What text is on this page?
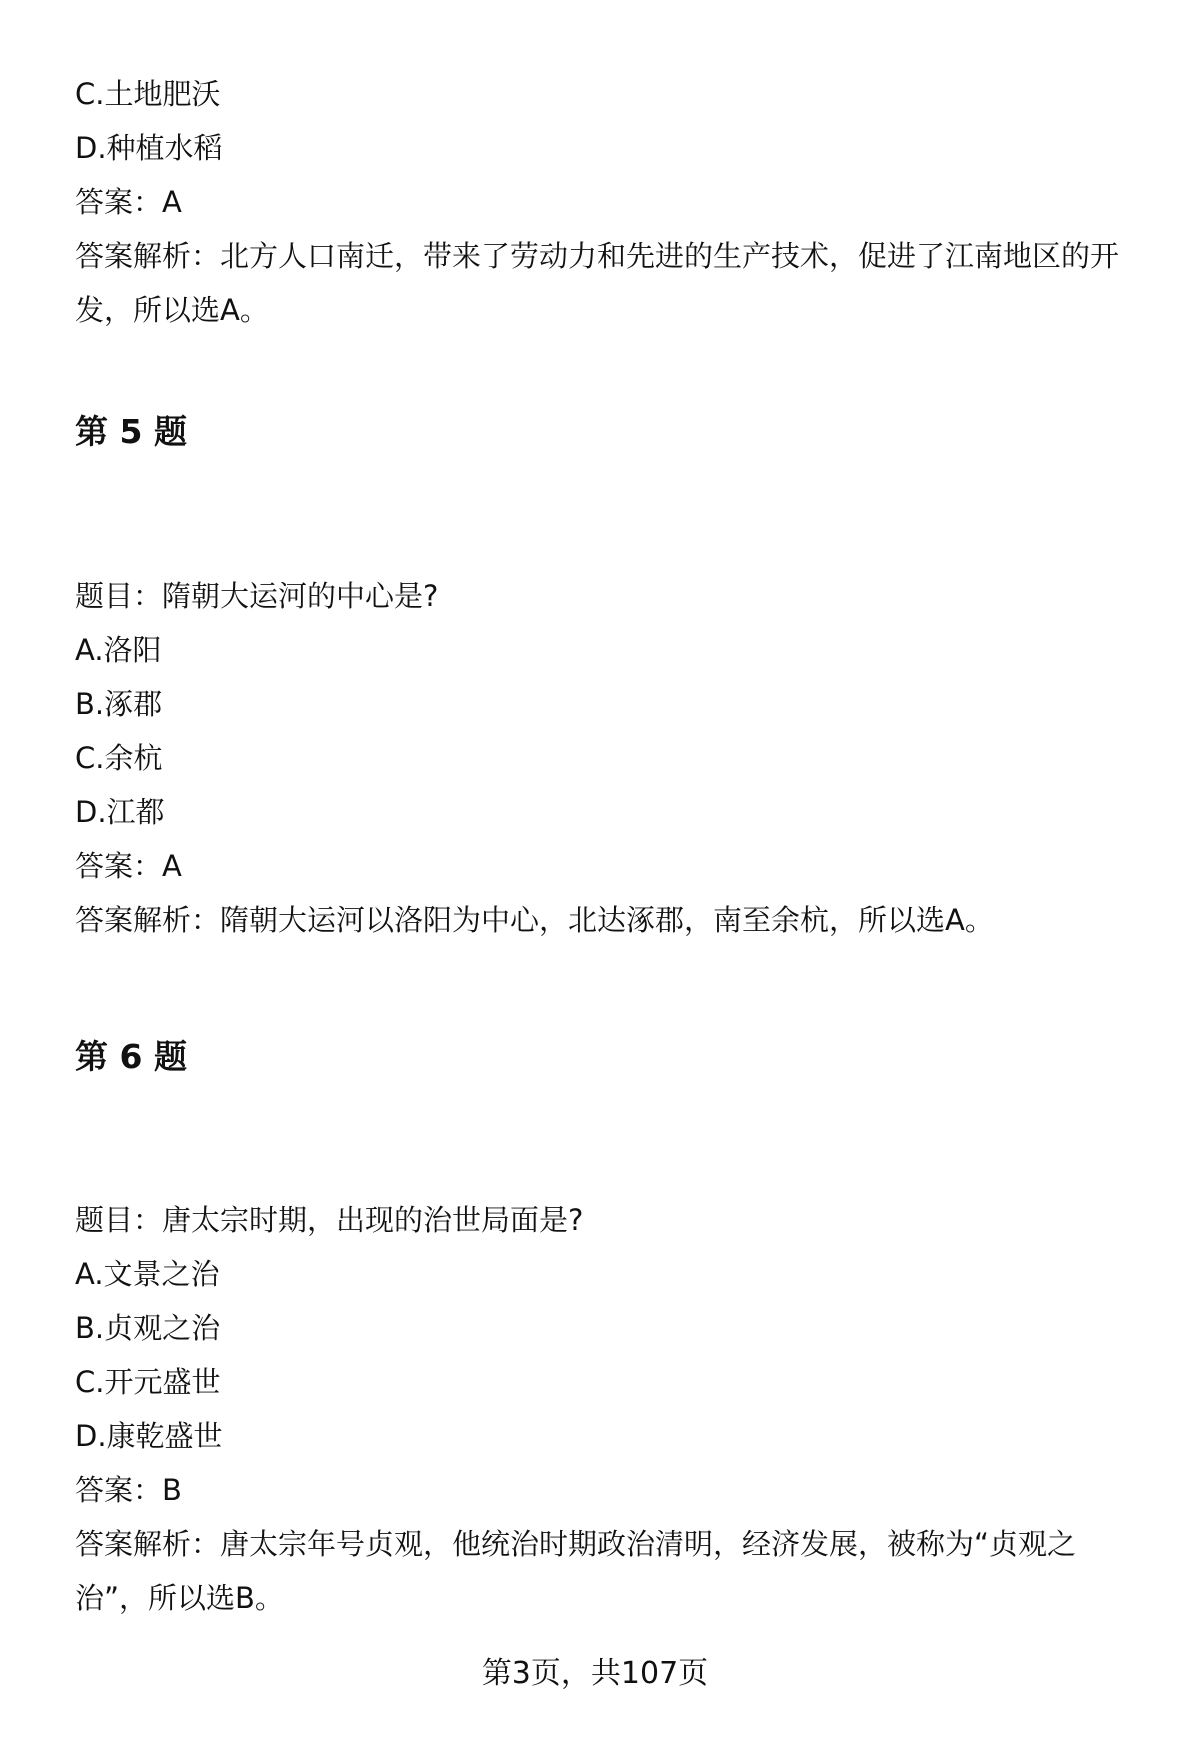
C.土地肥沃
D.种植水稻
答案：A
答案解析：北方人口南迁，带来了劳动力和先进的生产技术，促进了江南地区的开
发，所以选A。
第 5 题
题目：隋朝大运河的中心是?
A.洛阳
B.涿郡
C.余杭
D.江都
答案：A
答案解析：隋朝大运河以洛阳为中心，北达涿郡，南至余杭，所以选A。
第 6 题
题目：唐太宗时期，出现的治世局面是?
A.文景之治
B.贞观之治
C.开元盛世
D.康乾盛世
答案：B
答案解析：唐太宗年号贞观，他统治时期政治清明，经济发展，被称为“贞观之
治”，所以选B。
第3页，共107页
